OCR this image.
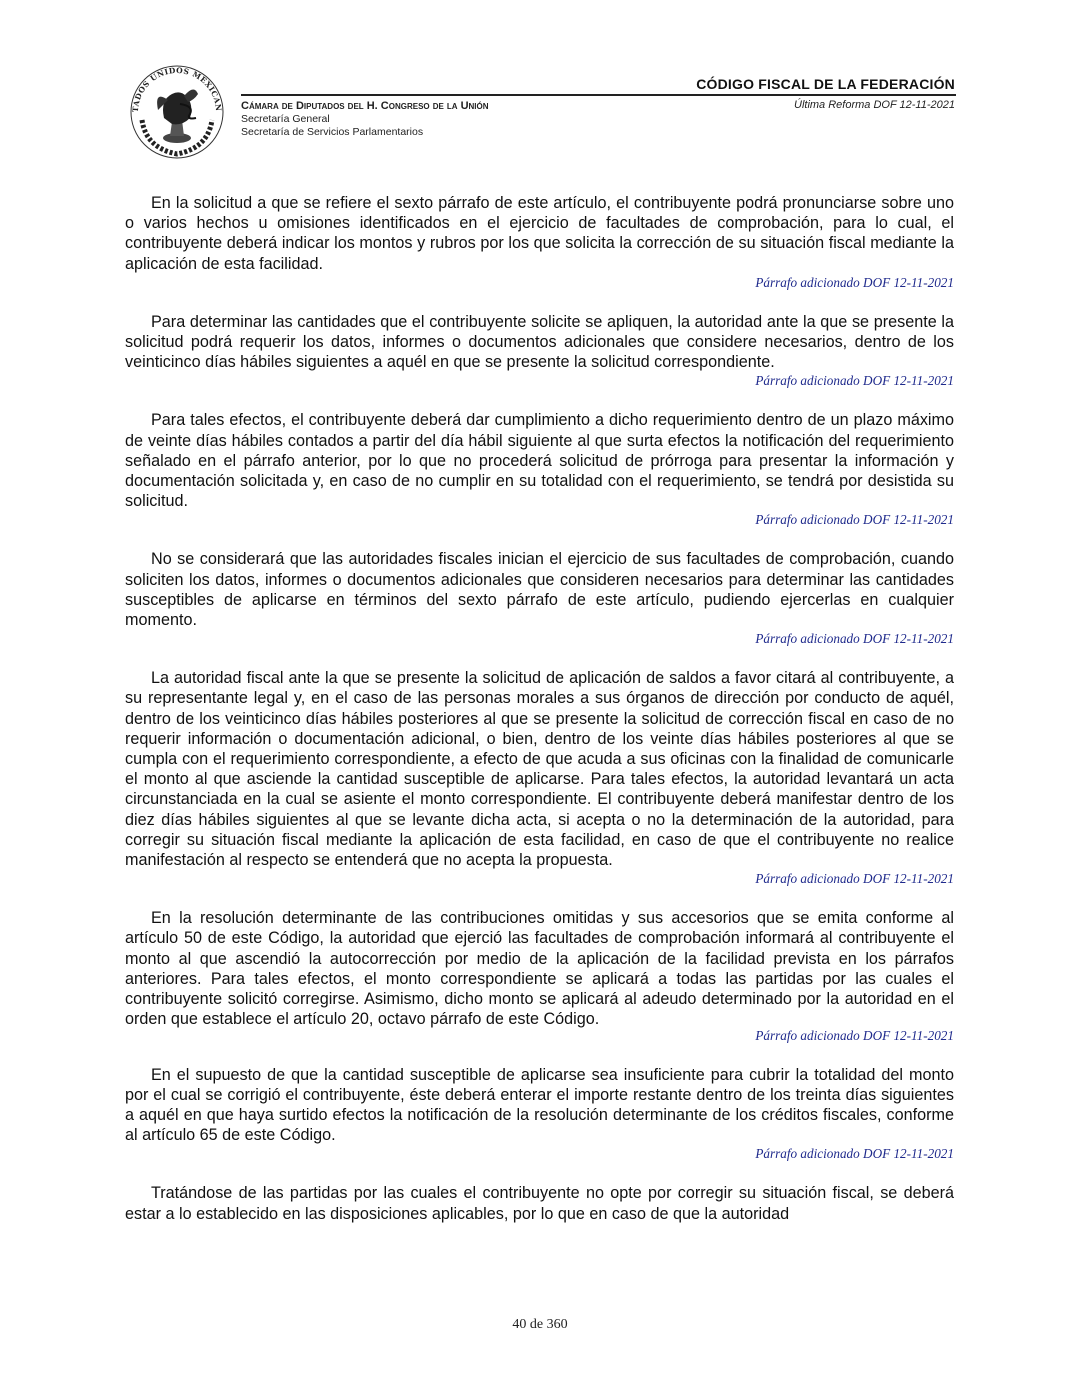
TADOS UNIDOS MEXICAN Cámara de Diputados del H. Congreso de la Unión
Secretaría General
Secretaría de Servicios Parlamentarios
CÓDIGO FISCAL DE LA FEDERACIÓN
Última Reforma DOF 12-11-2021

En la solicitud a que se refiere el sexto párrafo de este artículo, el contribuyente podrá pronunciarse sobre uno o varios hechos u omisiones identificados en el ejercicio de facultades de comprobación, para lo cual, el contribuyente deberá indicar los montos y rubros por los que solicita la corrección de su situación fiscal mediante la aplicación de esta facilidad.

Párrafo adicionado DOF 12-11-2021

Para determinar las cantidades que el contribuyente solicite se apliquen, la autoridad ante la que se presente la solicitud podrá requerir los datos, informes o documentos adicionales que considere necesarios, dentro de los veinticinco días hábiles siguientes a aquél en que se presente la solicitud correspondiente.

Párrafo adicionado DOF 12-11-2021

Para tales efectos, el contribuyente deberá dar cumplimiento a dicho requerimiento dentro de un plazo máximo de veinte días hábiles contados a partir del día hábil siguiente al que surta efectos la notificación del requerimiento señalado en el párrafo anterior, por lo que no procederá solicitud de prórroga para presentar la información y documentación solicitada y, en caso de no cumplir en su totalidad con el requerimiento, se tendrá por desistida su solicitud.

Párrafo adicionado DOF 12-11-2021

No se considerará que las autoridades fiscales inician el ejercicio de sus facultades de comprobación, cuando soliciten los datos, informes o documentos adicionales que consideren necesarios para determinar las cantidades susceptibles de aplicarse en términos del sexto párrafo de este artículo, pudiendo ejercerlas en cualquier momento.

Párrafo adicionado DOF 12-11-2021

La autoridad fiscal ante la que se presente la solicitud de aplicación de saldos a favor citará al contribuyente, a su representante legal y, en el caso de las personas morales a sus órganos de dirección por conducto de aquél, dentro de los veinticinco días hábiles posteriores al que se presente la solicitud de corrección fiscal en caso de no requerir información o documentación adicional, o bien, dentro de los veinte días hábiles posteriores al que se cumpla con el requerimiento correspondiente, a efecto de que acuda a sus oficinas con la finalidad de comunicarle el monto al que asciende la cantidad susceptible de aplicarse. Para tales efectos, la autoridad levantará un acta circunstanciada en la cual se asiente el monto correspondiente. El contribuyente deberá manifestar dentro de los diez días hábiles siguientes al que se levante dicha acta, si acepta o no la determinación de la autoridad, para corregir su situación fiscal mediante la aplicación de esta facilidad, en caso de que el contribuyente no realice manifestación al respecto se entenderá que no acepta la propuesta.

Párrafo adicionado DOF 12-11-2021

En la resolución determinante de las contribuciones omitidas y sus accesorios que se emita conforme al artículo 50 de este Código, la autoridad que ejerció las facultades de comprobación informará al contribuyente el monto al que ascendió la autocorrección por medio de la aplicación de la facilidad prevista en los párrafos anteriores. Para tales efectos, el monto correspondiente se aplicará a todas las partidas por las cuales el contribuyente solicitó corregirse. Asimismo, dicho monto se aplicará al adeudo determinado por la autoridad en el orden que establece el artículo 20, octavo párrafo de este Código.

Párrafo adicionado DOF 12-11-2021

En el supuesto de que la cantidad susceptible de aplicarse sea insuficiente para cubrir la totalidad del monto por el cual se corrigió el contribuyente, éste deberá enterar el importe restante dentro de los treinta días siguientes a aquél en que haya surtido efectos la notificación de la resolución determinante de los créditos fiscales, conforme al artículo 65 de este Código.

Párrafo adicionado DOF 12-11-2021

Tratándose de las partidas por las cuales el contribuyente no opte por corregir su situación fiscal, se deberá estar a lo establecido en las disposiciones aplicables, por lo que en caso de que la autoridad

40 de 360
